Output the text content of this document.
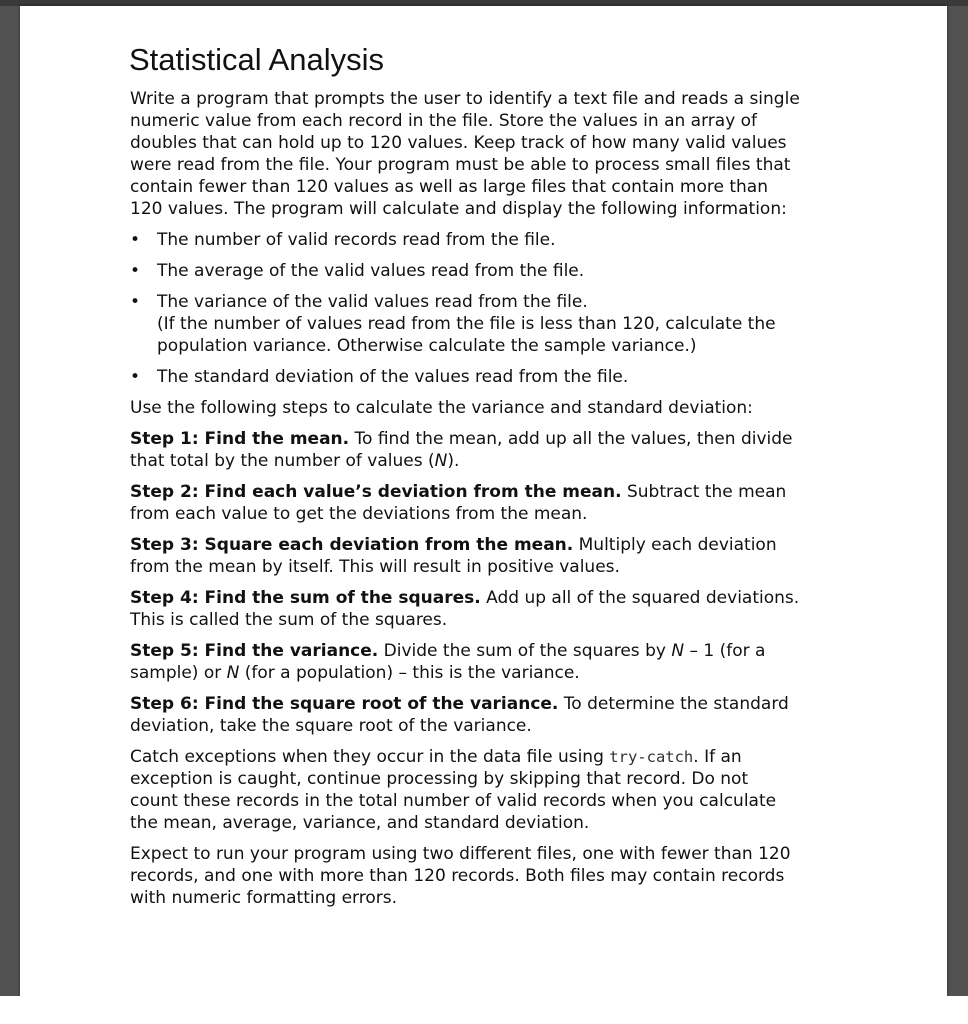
Statistical Analysis

Write a program that prompts the user to identify a text file and reads a single numeric value from each record in the file. Store the values in an array of doubles that can hold up to 120 values. Keep track of how many valid values were read from the file. Your program must be able to process small files that contain fewer than 120 values as well as large files that contain more than 120 values. The program will calculate and display the following information:

• The number of valid records read from the file.
• The average of the valid values read from the file.
• The variance of the valid values read from the file.
(If the number of values read from the file is less than 120, calculate the population variance. Otherwise calculate the sample variance.)
• The standard deviation of the values read from the file.

Use the following steps to calculate the variance and standard deviation:

Step 1: Find the mean. To find the mean, add up all the values, then divide that total by the number of values (N).

Step 2: Find each value’s deviation from the mean. Subtract the mean from each value to get the deviations from the mean.

Step 3: Square each deviation from the mean. Multiply each deviation from the mean by itself. This will result in positive values.

Step 4: Find the sum of the squares. Add up all of the squared deviations. This is called the sum of the squares.

Step 5: Find the variance. Divide the sum of the squares by N – 1 (for a sample) or N (for a population) – this is the variance.

Step 6: Find the square root of the variance. To determine the standard deviation, take the square root of the variance.

Catch exceptions when they occur in the data file using try-catch. If an exception is caught, continue processing by skipping that record. Do not count these records in the total number of valid records when you calculate the mean, average, variance, and standard deviation.

Expect to run your program using two different files, one with fewer than 120 records, and one with more than 120 records. Both files may contain records with numeric formatting errors.
